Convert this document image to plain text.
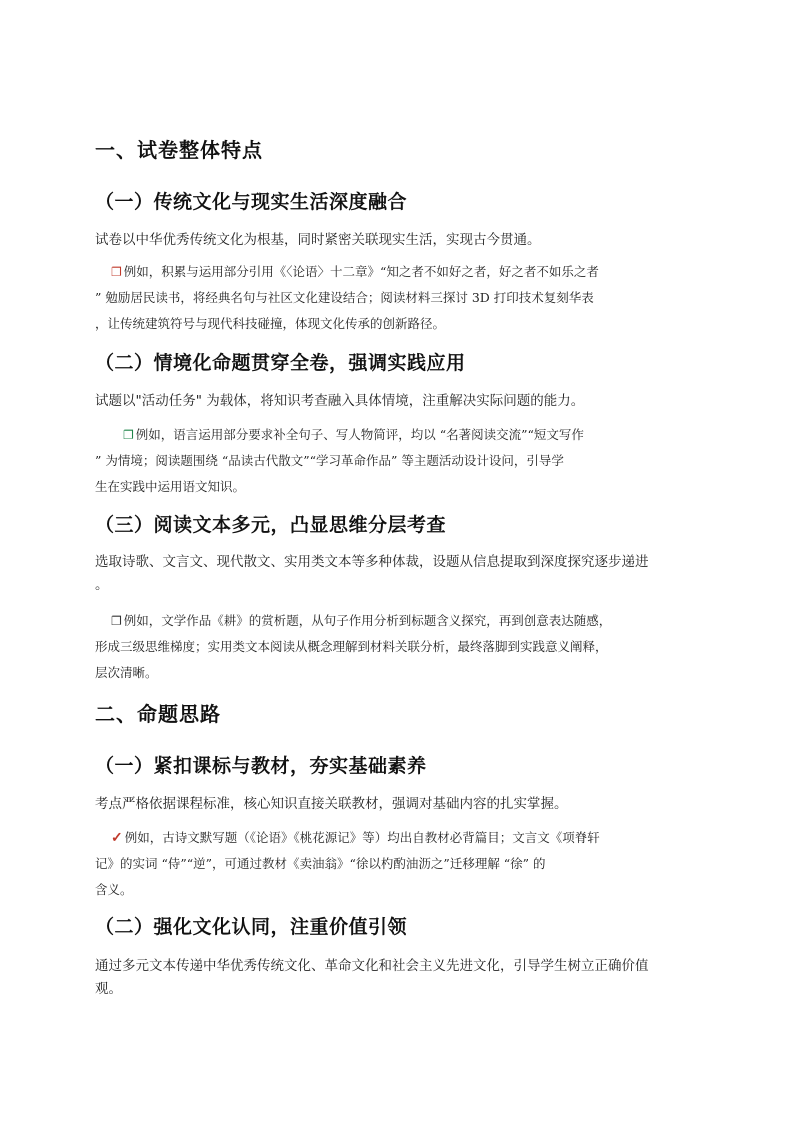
一、试卷整体特点
（一）传统文化与现实生活深度融合
试卷以中华优秀传统文化为根基，同时紧密关联现实生活，实现古今贯通。
❐ 例如，积累与运用部分引用《〈论语〉十二章》“知之者不如好之者，好之者不如乐之者
” 勉励居民读书，将经典名句与社区文化建设结合；阅读材料三探讨 3D 打印技术复刻华表
，让传统建筑符号与现代科技碰撞，体现文化传承的创新路径。
（二）情境化命题贯穿全卷，强调实践应用
试题以"活动任务" 为载体，将知识考查融入具体情境，注重解决实际问题的能力。
❐ 例如，语言运用部分要求补全句子、写人物简评，均以 “名著阅读交流”“短文写作
” 为情境；阅读题围绕 “品读古代散文”“学习革命作品” 等主题活动设计设问，引导学
生在实践中运用语文知识。
（三）阅读文本多元，凸显思维分层考查
选取诗歌、文言文、现代散文、实用类文本等多种体裁，设题从信息提取到深度探究逐步递进
。
❐ 例如，文学作品《耕》的赏析题，从句子作用分析到标题含义探究，再到创意表达随感，
形成三级思维梯度；实用类文本阅读从概念理解到材料关联分析，最终落脚到实践意义阐释，
层次清晰。
二、命题思路
（一）紧扣课标与教材，夯实基础素养
考点严格依据课程标准，核心知识直接关联教材，强调对基础内容的扎实掌握。
✓ 例如，古诗文默写题（《论语》《桃花源记》等）均出自教材必背篇目；文言文《项脊轩
记》的实词 “侍”“逆”，可通过教材《卖油翁》“徐以杓酌油沥之”迁移理解 “徐” 的
含义。
（二）强化文化认同，注重价值引领
通过多元文本传递中华优秀传统文化、革命文化和社会主义先进文化，引导学生树立正确价值
观。
